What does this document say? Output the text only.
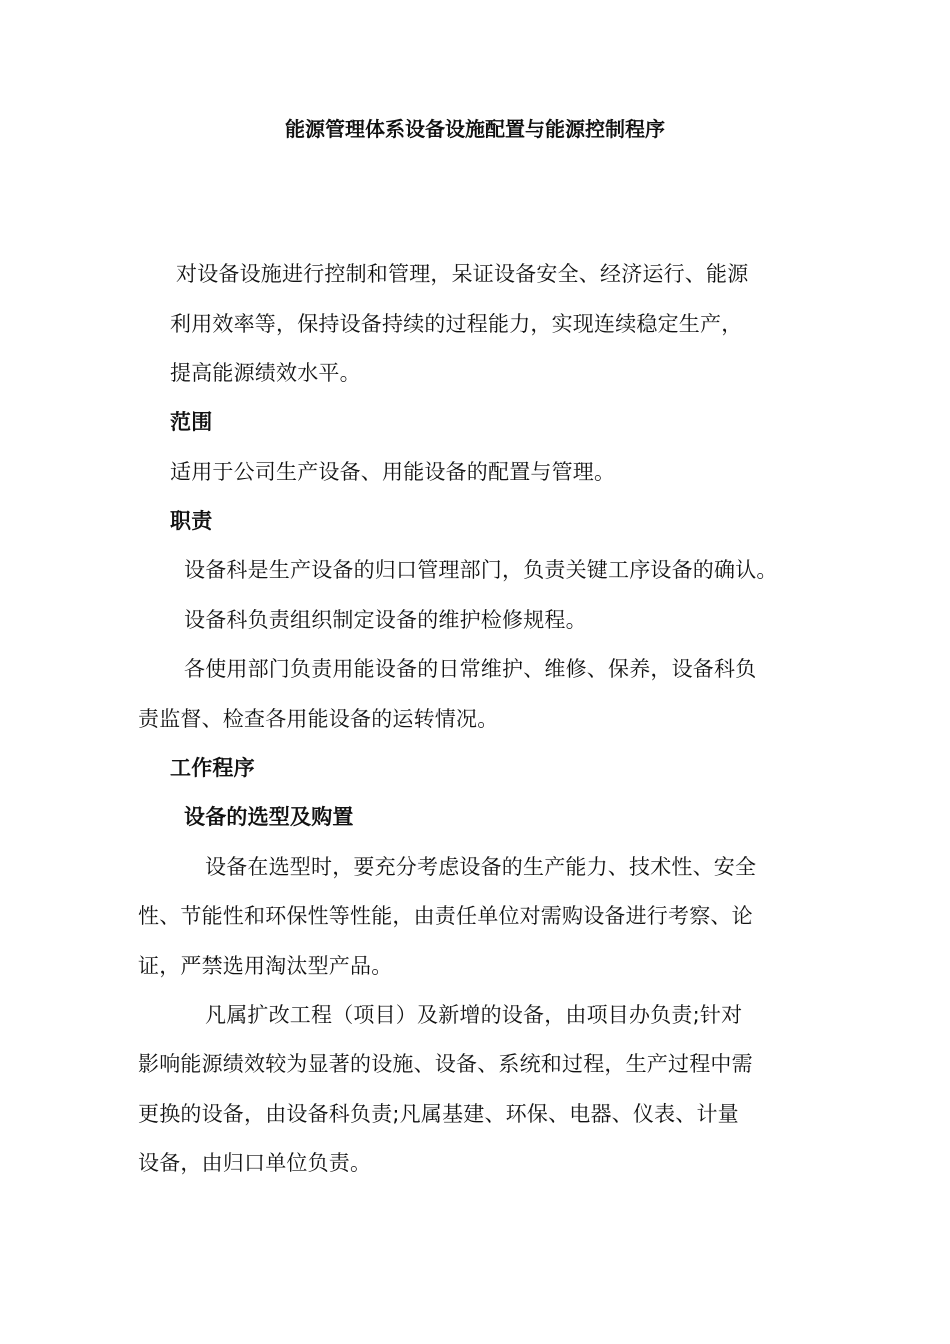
能源管理体系设备设施配置与能源控制程序
对设备设施进行控制和管理，呆证设备安全、经济运行、能源
利用效率等，保持设备持续的过程能力，实现连续稳定生产，
提高能源绩效水平。
范围
适用于公司生产设备、用能设备的配置与管理。
职责
设备科是生产设备的归口管理部门，负责关键工序设备的确认。
设备科负责组织制定设备的维护检修规程。
各使用部门负责用能设备的日常维护、维修、保养，设备科负
责监督、检查各用能设备的运转情况。
工作程序
设备的选型及购置
设备在选型时，要充分考虑设备的生产能力、技术性、安全
性、节能性和环保性等性能，由责任单位对需购设备进行考察、论
证，严禁选用淘汰型产品。
凡属扩改工程（项目）及新增的设备，由项目办负责;针对
影响能源绩效较为显著的设施、设备、系统和过程，生产过程中需
更换的设备，由设备科负责;凡属基建、环保、电器、仪表、计量
设备，由归口单位负责。
